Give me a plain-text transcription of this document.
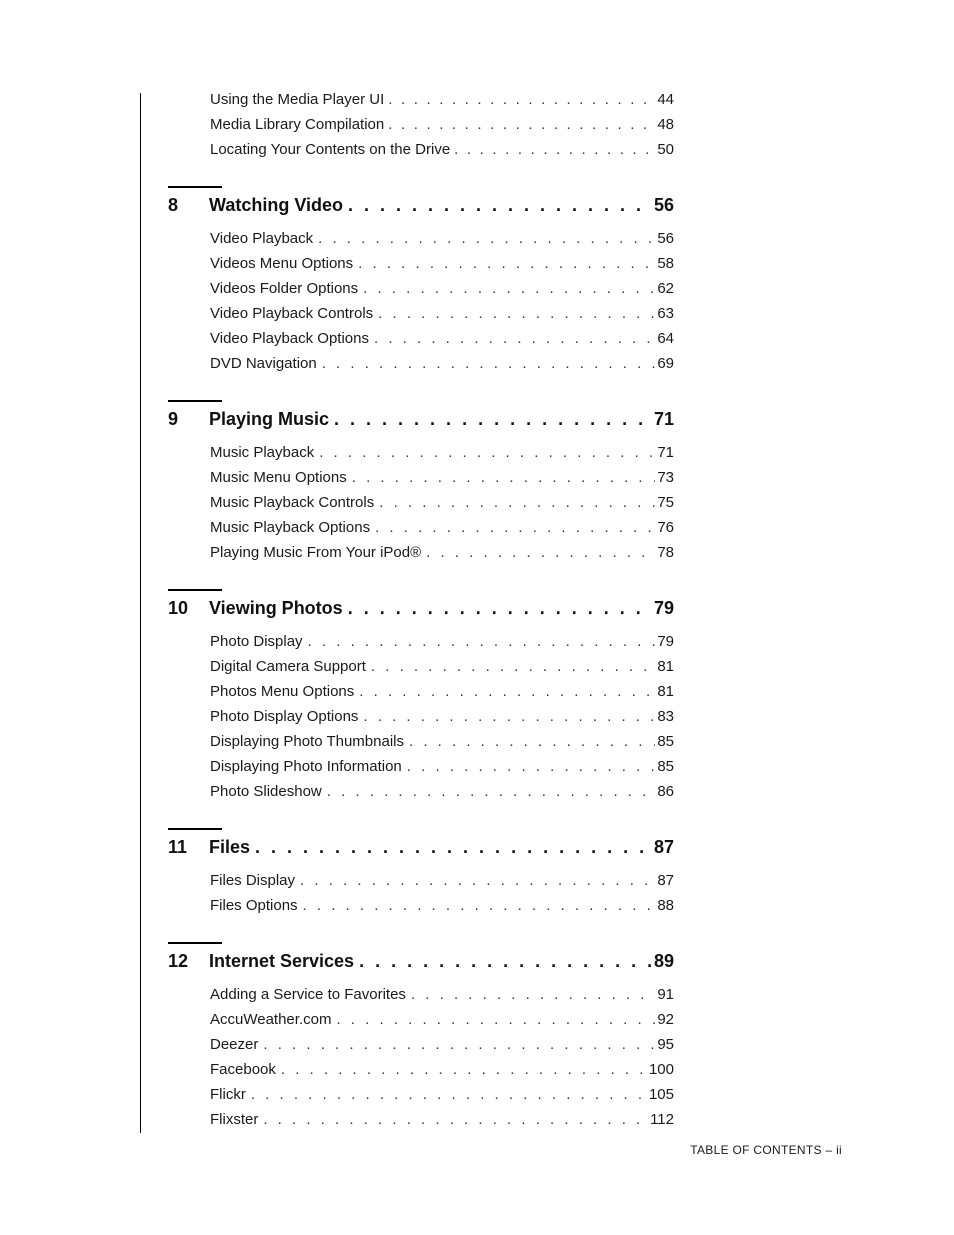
Using the Media Player UI . . .	44
Media Library Compilation . . .	48
Locating Your Contents on the Drive . . .	50
8	Watching Video . . .	56
Video Playback . . .	56
Videos Menu Options . . .	58
Videos Folder Options . . .	62
Video Playback Controls . . .	63
Video Playback Options . . .	64
DVD Navigation . . .	69
9	Playing Music . . .	71
Music Playback . . .	71
Music Menu Options . . .	73
Music Playback Controls . . .	75
Music Playback Options . . .	76
Playing Music From Your iPod® . . .	78
10	Viewing Photos . . .	79
Photo Display . . .	79
Digital Camera Support . . .	81
Photos Menu Options . . .	81
Photo Display Options . . .	83
Displaying Photo Thumbnails . . .	85
Displaying Photo Information . . .	85
Photo Slideshow . . .	86
11	Files . . .	87
Files Display . . .	87
Files Options . . .	88
12	Internet Services . . .	89
Adding a Service to Favorites . . .	91
AccuWeather.com . . .	92
Deezer . . .	95
Facebook . . .	100
Flickr . . .	105
Flixster . . .	112
TABLE OF CONTENTS – ii
